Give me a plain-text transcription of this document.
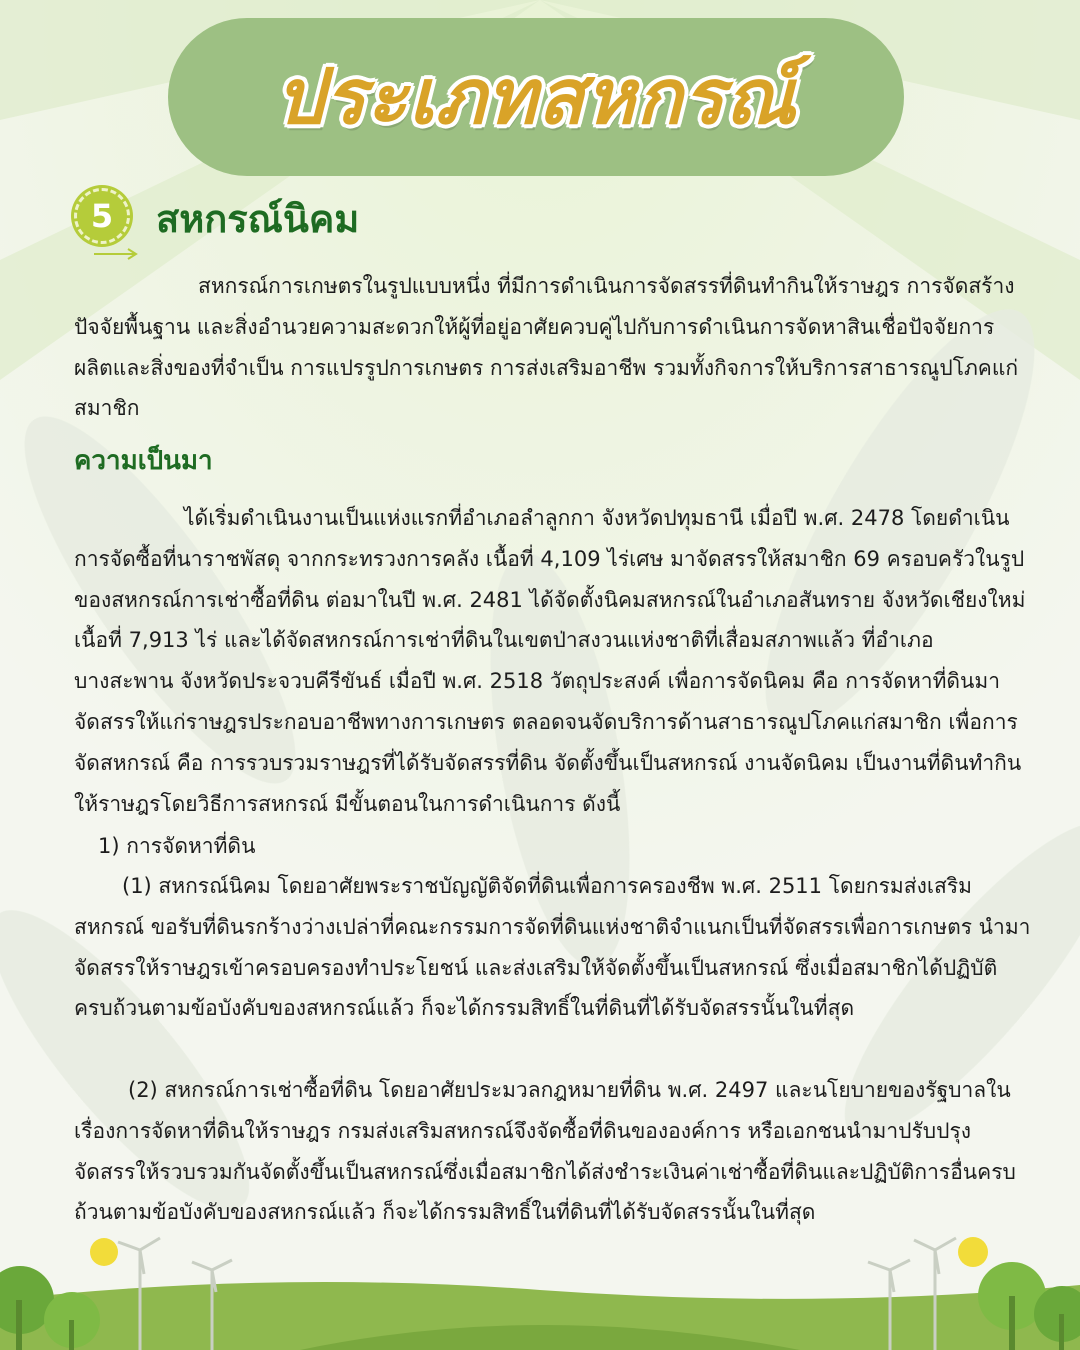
ประเภทสหกรณ์
5	สหกรณ์นิคม

สหกรณ์การเกษตรในรูปแบบหนึ่ง ที่มีการดำเนินการจัดสรรที่ดินทำกินให้ราษฎร การจัดสร้างปัจจัยพื้นฐาน และสิ่งอำนวยความสะดวกให้ผู้ที่อยู่อาศัยควบคู่ไปกับการดำเนินการจัดหาสินเชื่อปัจจัยการผลิตและสิ่งของที่จำเป็น การแปรรูปการเกษตร การส่งเสริมอาชีพ รวมทั้งกิจการให้บริการสาธารณูปโภคแก่สมาชิก

ความเป็นมา

ได้เริ่มดำเนินงานเป็นแห่งแรกที่อำเภอลำลูกกา จังหวัดปทุมธานี เมื่อปี พ.ศ. 2478 โดยดำเนินการจัดซื้อที่นาราชพัสดุ จากกระทรวงการคลัง เนื้อที่ 4,109 ไร่เศษ มาจัดสรรให้สมาชิก 69 ครอบครัวในรูปของสหกรณ์การเช่าซื้อที่ดิน ต่อมาในปี พ.ศ. 2481 ได้จัดตั้งนิคมสหกรณ์ในอำเภอสันทราย จังหวัดเชียงใหม่ เนื้อที่ 7,913 ไร่ และได้จัดสหกรณ์การเช่าที่ดินในเขตป่าสงวนแห่งชาติที่เสื่อมสภาพแล้ว ที่อำเภอบางสะพาน จังหวัดประจวบคีรีขันธ์ เมื่อปี พ.ศ. 2518 วัตถุประสงค์ เพื่อการจัดนิคม คือ การจัดหาที่ดินมาจัดสรรให้แก่ราษฎรประกอบอาชีพทางการเกษตร ตลอดจนจัดบริการด้านสาธารณูปโภคแก่สมาชิก เพื่อการจัดสหกรณ์ คือ การรวบรวมราษฎรที่ได้รับจัดสรรที่ดิน จัดตั้งขึ้นเป็นสหกรณ์ งานจัดนิคม เป็นงานที่ดินทำกินให้ราษฎรโดยวิธีการสหกรณ์ มีขั้นตอนในการดำเนินการ ดังนี้

1) การจัดหาที่ดิน

(1) สหกรณ์นิคม โดยอาศัยพระราชบัญญัติจัดที่ดินเพื่อการครองชีพ พ.ศ. 2511 โดยกรมส่งเสริมสหกรณ์ ขอรับที่ดินรกร้างว่างเปล่าที่คณะกรรมการจัดที่ดินแห่งชาติจำแนกเป็นที่จัดสรรเพื่อการเกษตร นำมาจัดสรรให้ราษฎรเข้าครอบครองทำประโยชน์ และส่งเสริมให้จัดตั้งขึ้นเป็นสหกรณ์ ซึ่งเมื่อสมาชิกได้ปฏิบัติครบถ้วนตามข้อบังคับของสหกรณ์แล้ว ก็จะได้กรรมสิทธิ์ในที่ดินที่ได้รับจัดสรรนั้นในที่สุด

(2) สหกรณ์การเช่าซื้อที่ดิน โดยอาศัยประมวลกฎหมายที่ดิน พ.ศ. 2497 และนโยบายของรัฐบาลในเรื่องการจัดหาที่ดินให้ราษฎร กรมส่งเสริมสหกรณ์จึงจัดซื้อที่ดินขององค์การ หรือเอกชนนำมาปรับปรุงจัดสรรให้รวบรวมกันจัดตั้งขึ้นเป็นสหกรณ์ซึ่งเมื่อสมาชิกได้ส่งชำระเงินค่าเช่าซื้อที่ดินและปฏิบัติการอื่นครบถ้วนตามข้อบังคับของสหกรณ์แล้ว ก็จะได้กรรมสิทธิ์ในที่ดินที่ได้รับจัดสรรนั้นในที่สุด
